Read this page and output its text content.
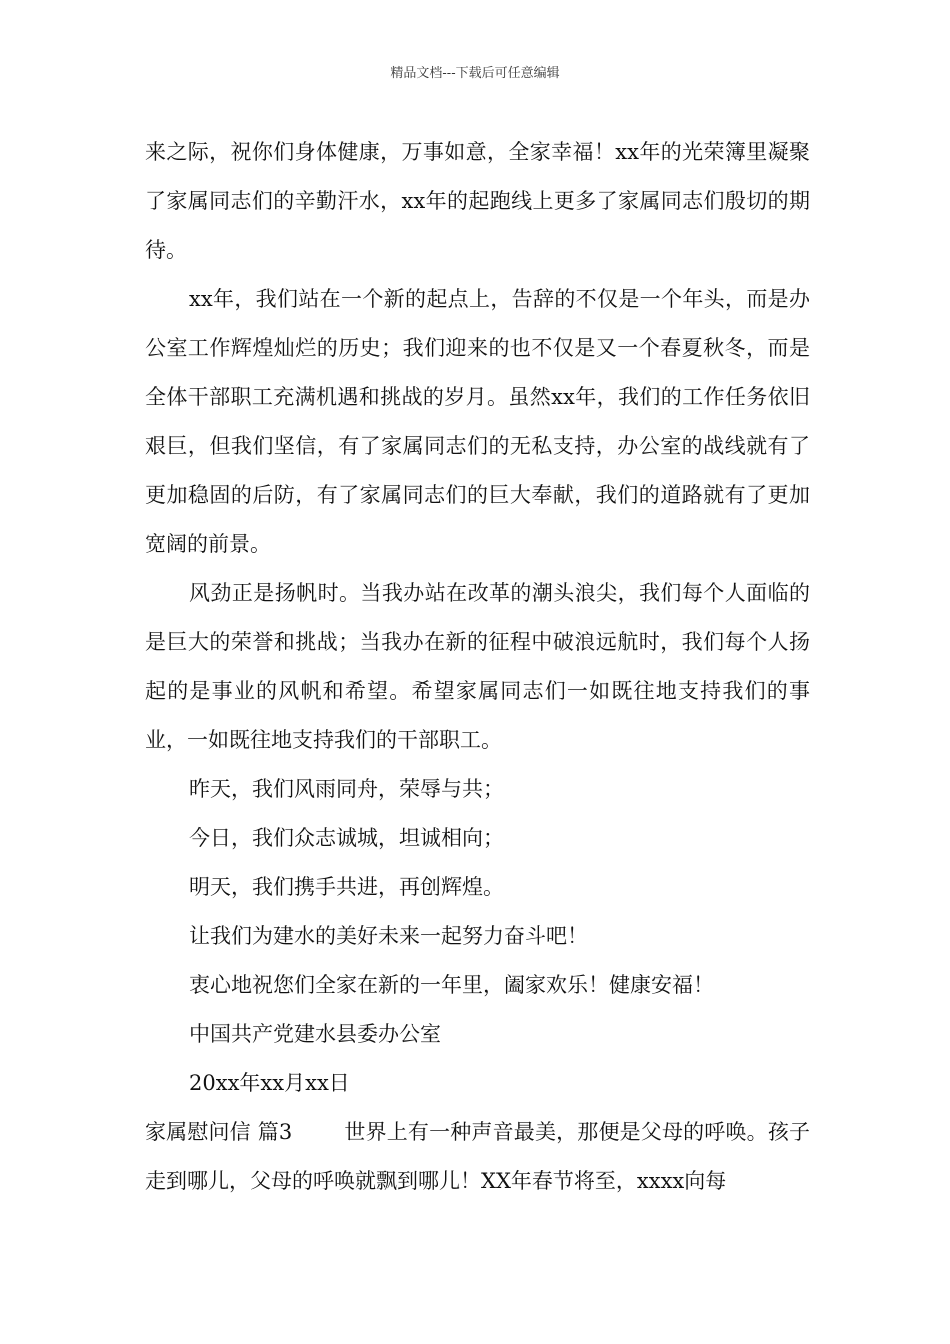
精品文档---下载后可任意编辑

来之际，祝你们身体健康，万事如意，全家幸福！xx年的光荣簿里凝聚了家属同志们的辛勤汗水，xx年的起跑线上更多了家属同志们殷切的期待。

xx年，我们站在一个新的起点上，告辞的不仅是一个年头，而是办公室工作辉煌灿烂的历史；我们迎来的也不仅是又一个春夏秋冬，而是全体干部职工充满机遇和挑战的岁月。虽然xx年，我们的工作任务依旧艰巨，但我们坚信，有了家属同志们的无私支持，办公室的战线就有了更加稳固的后防，有了家属同志们的巨大奉献，我们的道路就有了更加宽阔的前景。

风劲正是扬帆时。当我办站在改革的潮头浪尖，我们每个人面临的是巨大的荣誉和挑战；当我办在新的征程中破浪远航时，我们每个人扬起的是事业的风帆和希望。希望家属同志们一如既往地支持我们的事业，一如既往地支持我们的干部职工。

昨天，我们风雨同舟，荣辱与共；

今日，我们众志诚城，坦诚相向；

明天，我们携手共进，再创辉煌。

让我们为建水的美好未来一起努力奋斗吧！

衷心地祝您们全家在新的一年里，阖家欢乐！健康安福！

中国共产党建水县委办公室

20xx年xx月xx日

家属慰问信 篇3 世界上有一种声音最美，那便是父母的呼唤。孩子走到哪儿，父母的呼唤就飘到哪儿！XX年春节将至，xxxx向每
